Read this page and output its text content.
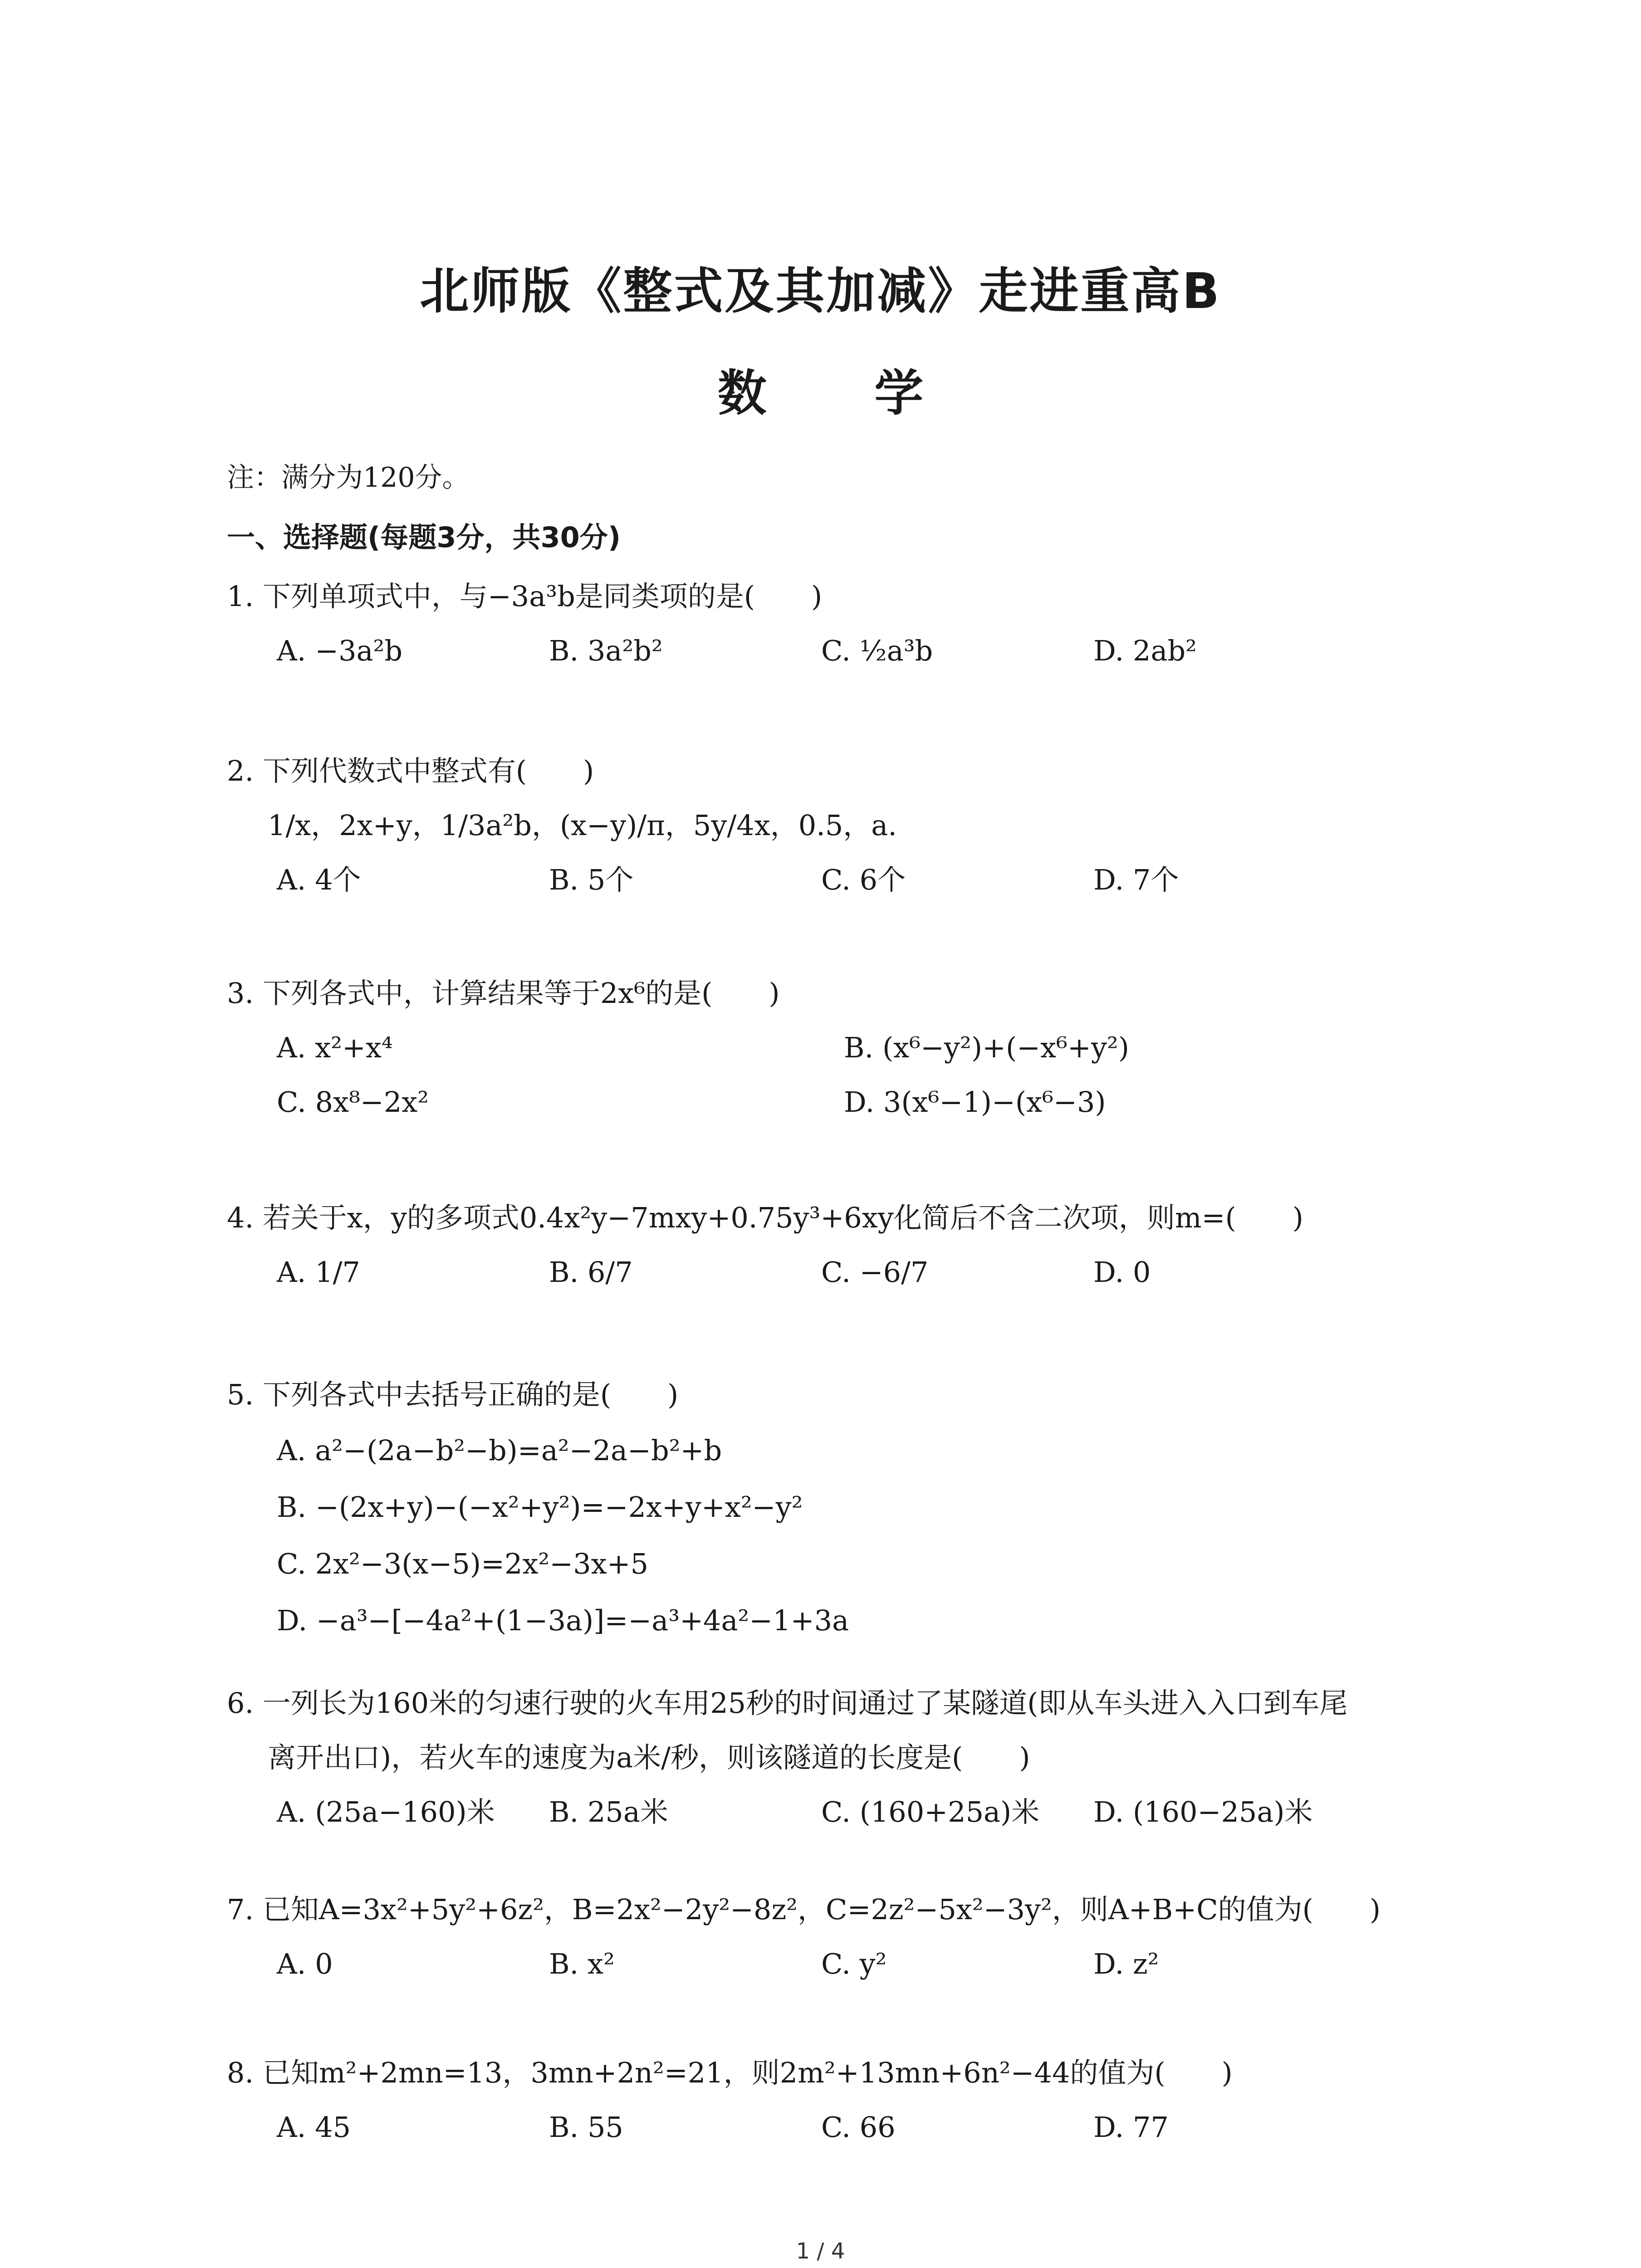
北师版《整式及其加减》走进重高B
数 学
注：满分为120分。
一、选择题(每题3分，共30分)
1. 下列单项式中，与−3a³b是同类项的是(　　)
A. −3a²b	B. 3a²b²	C. ½a³b	D. 2ab²
2. 下列代数式中整式有(　　)
1/x，2x+y，1/3a²b，(x−y)/π，5y/4x，0.5，a.
A. 4个	B. 5个	C. 6个	D. 7个
3. 下列各式中，计算结果等于2x⁶的是(　　)
A. x²+x⁴	B. (x⁶−y²)+(−x⁶+y²)
C. 8x⁸−2x²	D. 3(x⁶−1)−(x⁶−3)
4. 若关于x，y的多项式0.4x²y−7mxy+0.75y³+6xy化简后不含二次项，则m=(　　)
A. 1/7	B. 6/7	C. −6/7	D. 0
5. 下列各式中去括号正确的是(　　)
A. a²−(2a−b²−b)=a²−2a−b²+b
B. −(2x+y)−(−x²+y²)=−2x+y+x²−y²
C. 2x²−3(x−5)=2x²−3x+5
D. −a³−[−4a²+(1−3a)]=−a³+4a²−1+3a
6. 一列长为160米的匀速行驶的火车用25秒的时间通过了某隧道(即从车头进入入口到车尾
离开出口)，若火车的速度为a米/秒，则该隧道的长度是(　　)
A. (25a−160)米 B. 25a米	C. (160+25a)米 D. (160−25a)米
7. 已知A=3x²+5y²+6z²，B=2x²−2y²−8z²，C=2z²−5x²−3y²，则A+B+C的值为(　　)
A. 0	B. x²	C. y²	D. z²
8. 已知m²+2mn=13，3mn+2n²=21，则2m²+13mn+6n²−44的值为(　　)
A. 45	B. 55	C. 66	D. 77
1 / 4
